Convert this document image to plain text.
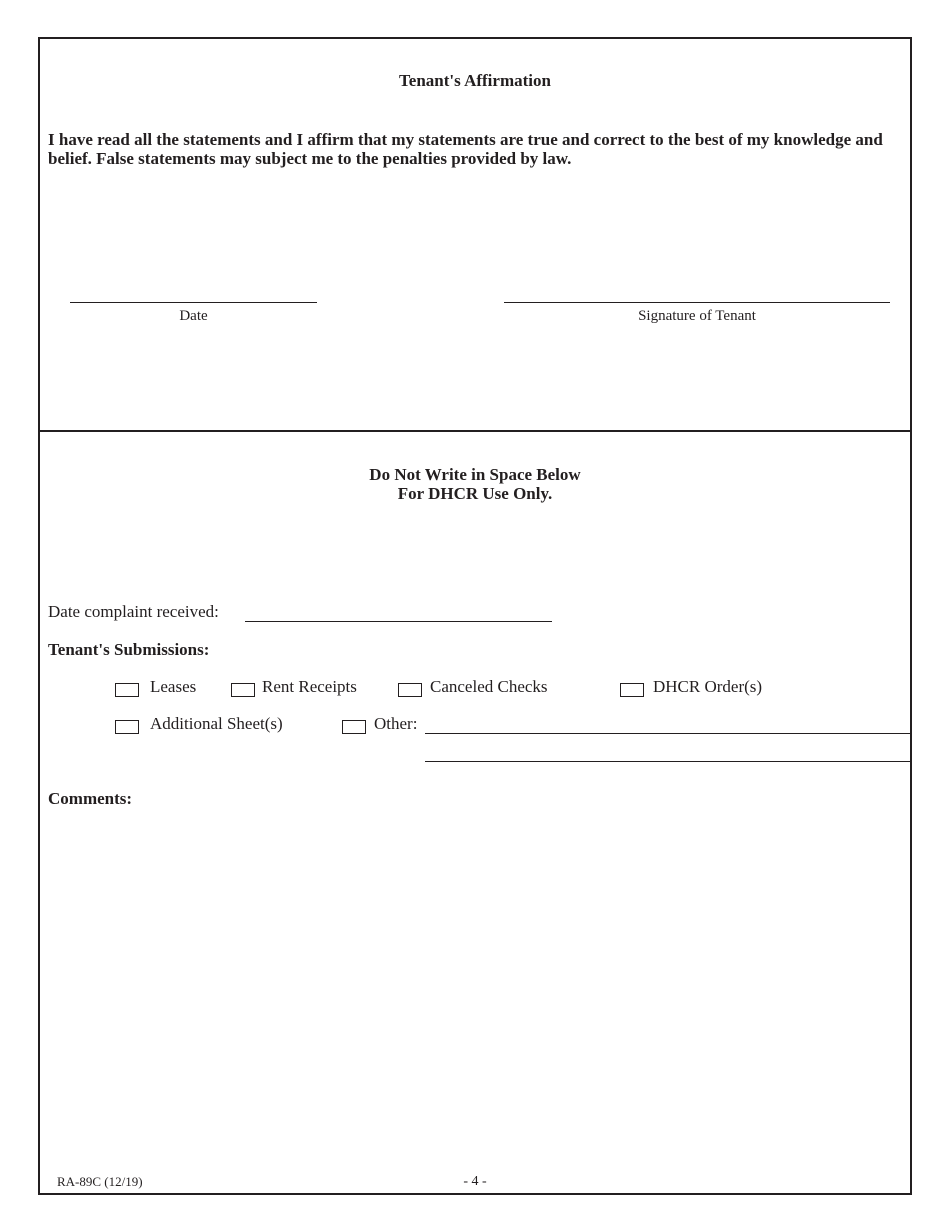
Tenant's Affirmation
I have read all the statements and I affirm that my statements are true and correct to the best of my knowledge and belief. False statements may subject me to the penalties provided by law.
Date	Signature of Tenant
Do Not Write in Space Below
For DHCR Use Only.
Date complaint received:
Tenant's Submissions:
Leases	Rent Receipts	Canceled Checks	DHCR Order(s)
Additional Sheet(s)	Other:
Comments:
RA-89C (12/19)	- 4 -
